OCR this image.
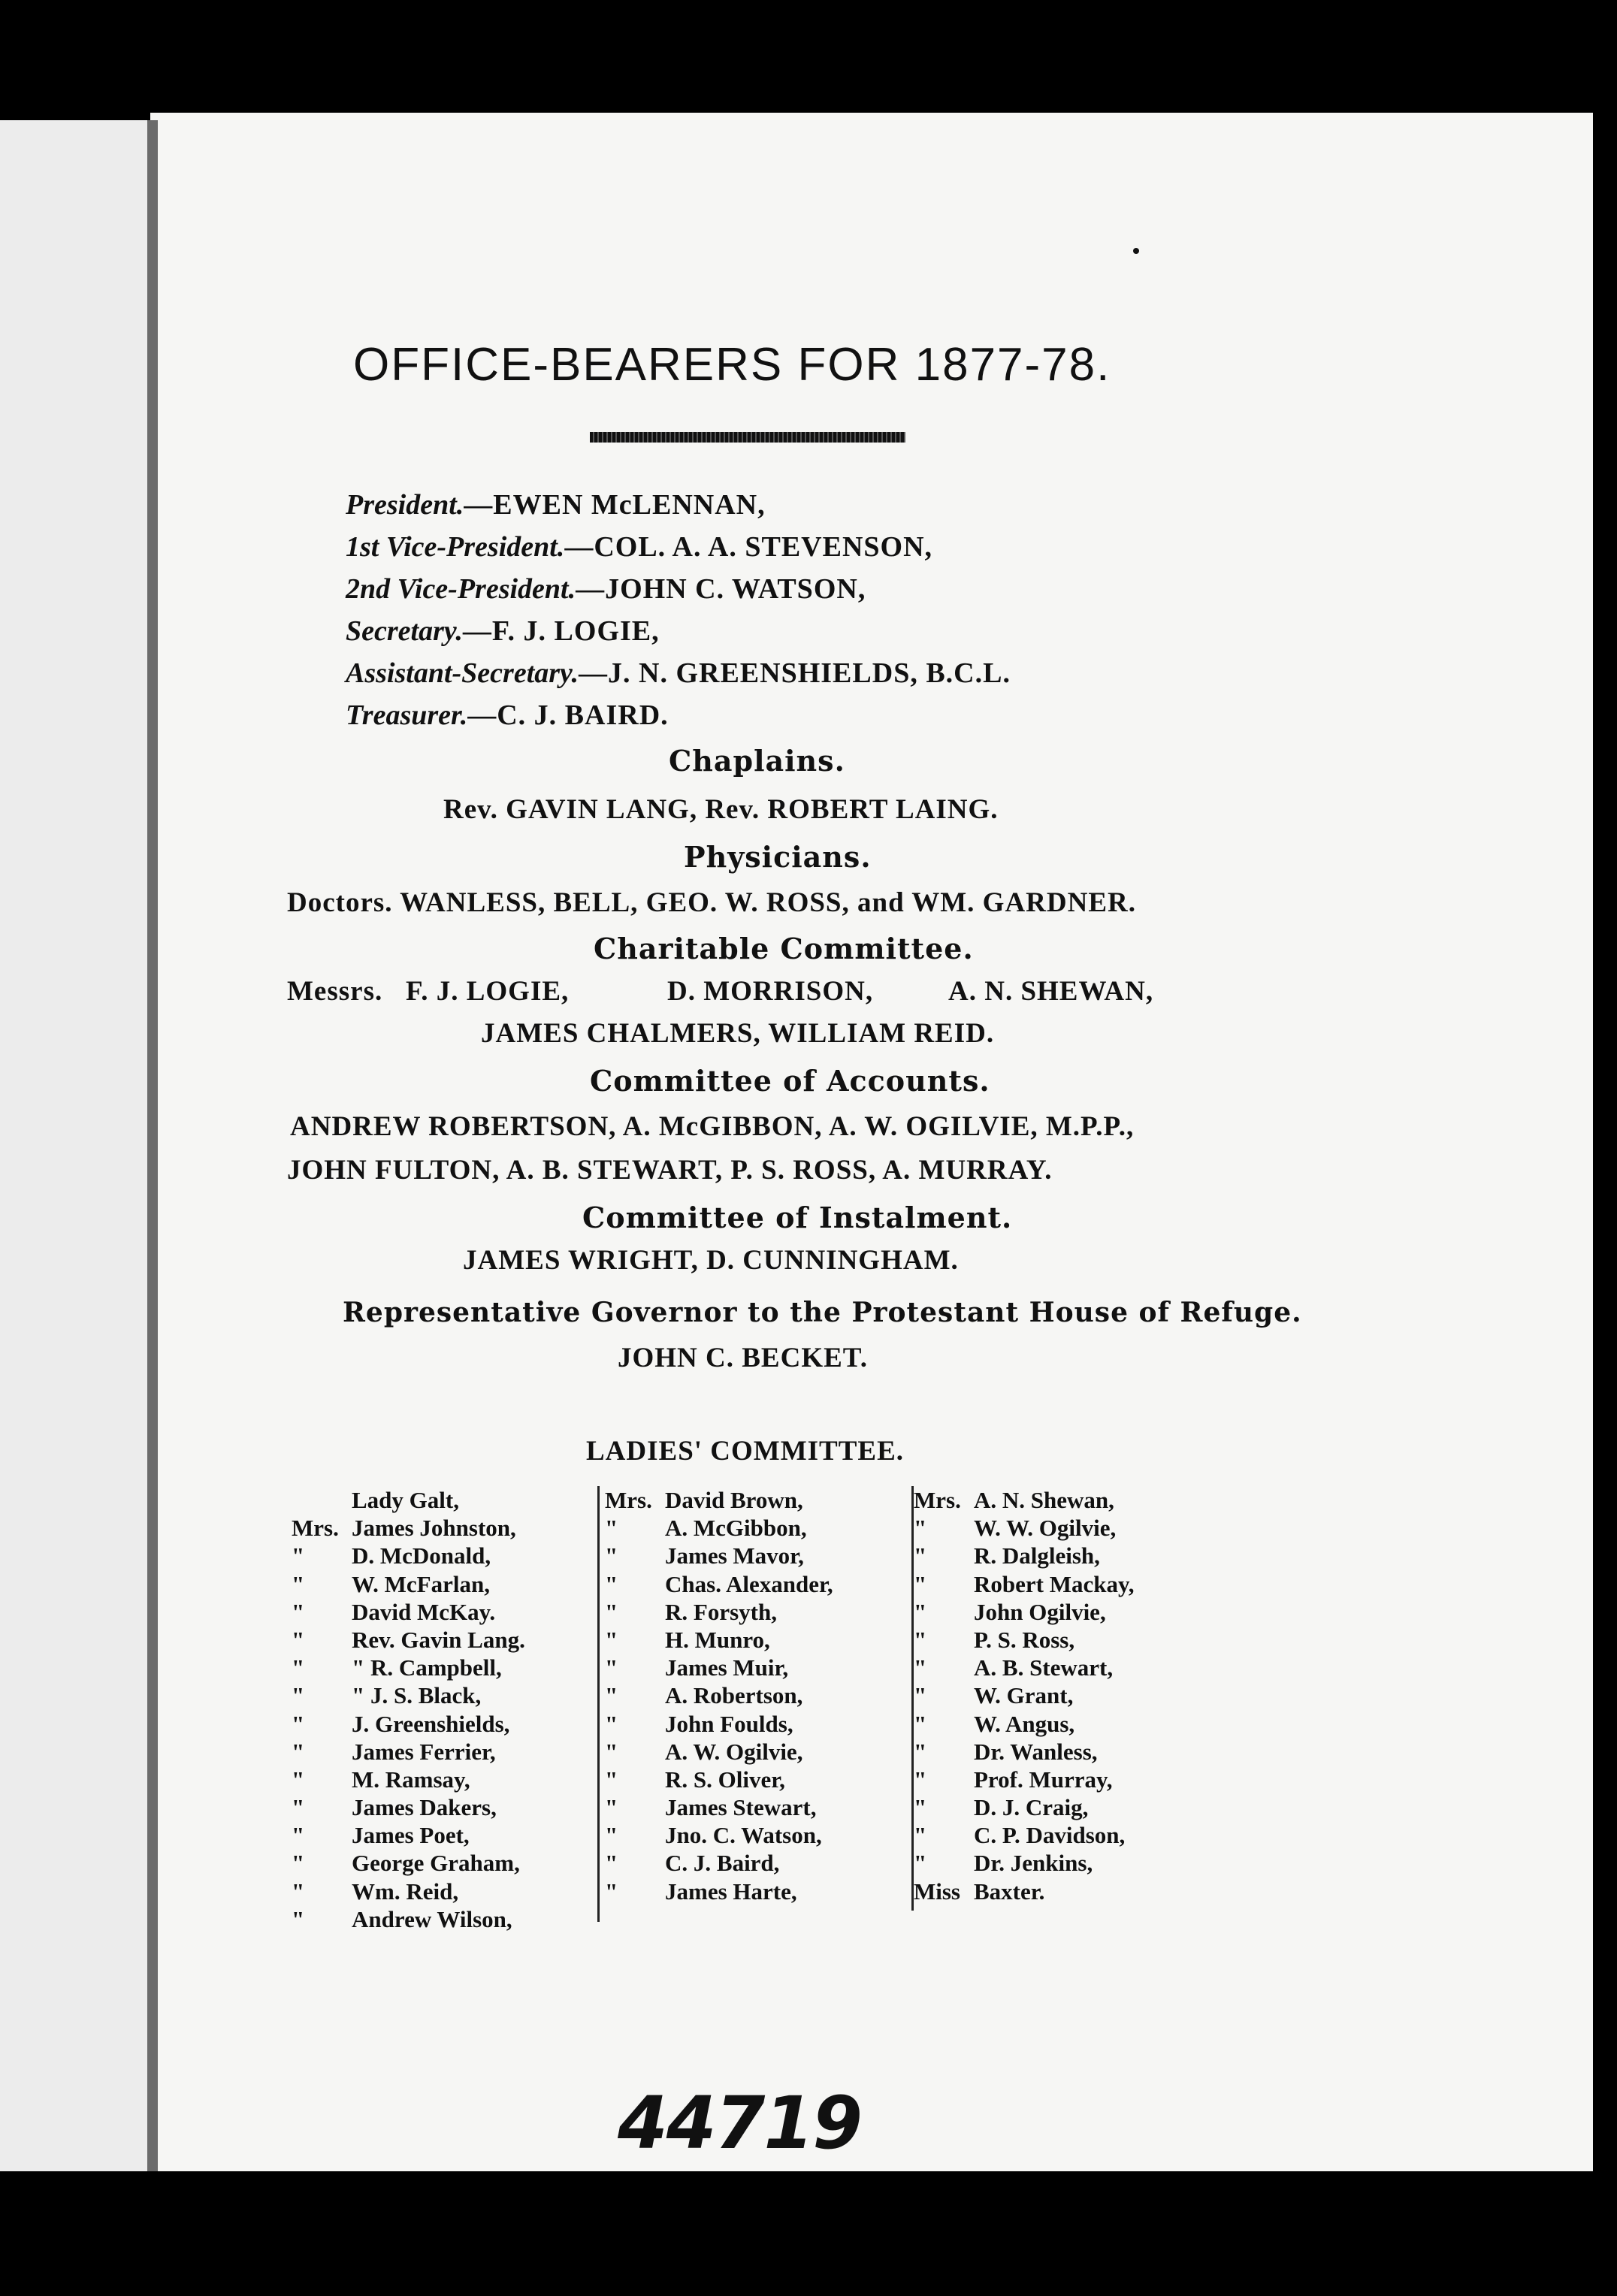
OFFICE-BEARERS FOR 1877-78.
President.—EWEN McLENNAN,
1st Vice-President.—COL. A. A. STEVENSON,
2nd Vice-President.—JOHN C. WATSON,
Secretary.—F. J. LOGIE,
Assistant-Secretary.—J. N. GREENSHIELDS, B.C.L.
Treasurer.—C. J. BAIRD.
Chaplains.
Rev. GAVIN LANG, Rev. ROBERT LAING.
Physicians.
Doctors. WANLESS, BELL, GEO. W. ROSS, and WM. GARDNER.
Charitable Committee.
Messrs. F. J. LOGIE,	D. MORRISON,	A. N. SHEWAN,
JAMES CHALMERS, WILLIAM REID.
Committee of Accounts.
ANDREW ROBERTSON, A. McGIBBON, A. W. OGILVIE, M.P.P.,
JOHN FULTON, A. B. STEWART, P. S. ROSS, A. MURRAY.
Committee of Instalment.
JAMES WRIGHT, D. CUNNINGHAM.
Representative Governor to the Protestant House of Refuge.
JOHN C. BECKET.
LADIES' COMMITTEE.
Lady Galt,
Mrs. James Johnston,
" D. McDonald,
" W. McFarlan,
" David McKay.
" Rev. Gavin Lang.
" " R. Campbell,
" " J. S. Black,
" J. Greenshields,
" James Ferrier,
" M. Ramsay,
" James Dakers,
" James Poet,
" George Graham,
" Wm. Reid,
" Andrew Wilson,
Mrs. David Brown,
" A. McGibbon,
" James Mavor,
" Chas. Alexander,
" R. Forsyth,
" H. Munro,
" James Muir,
" A. Robertson,
" John Foulds,
" A. W. Ogilvie,
" R. S. Oliver,
" James Stewart,
" Jno. C. Watson,
" C. J. Baird,
" James Harte,
Mrs. A. N. Shewan,
" W. W. Ogilvie,
" R. Dalgleish,
" Robert Mackay,
" John Ogilvie,
" P. S. Ross,
" A. B. Stewart,
" W. Grant,
" W. Angus,
" Dr. Wanless,
" Prof. Murray,
" D. J. Craig,
" C. P. Davidson,
" Dr. Jenkins,
Miss Baxter.
44719
